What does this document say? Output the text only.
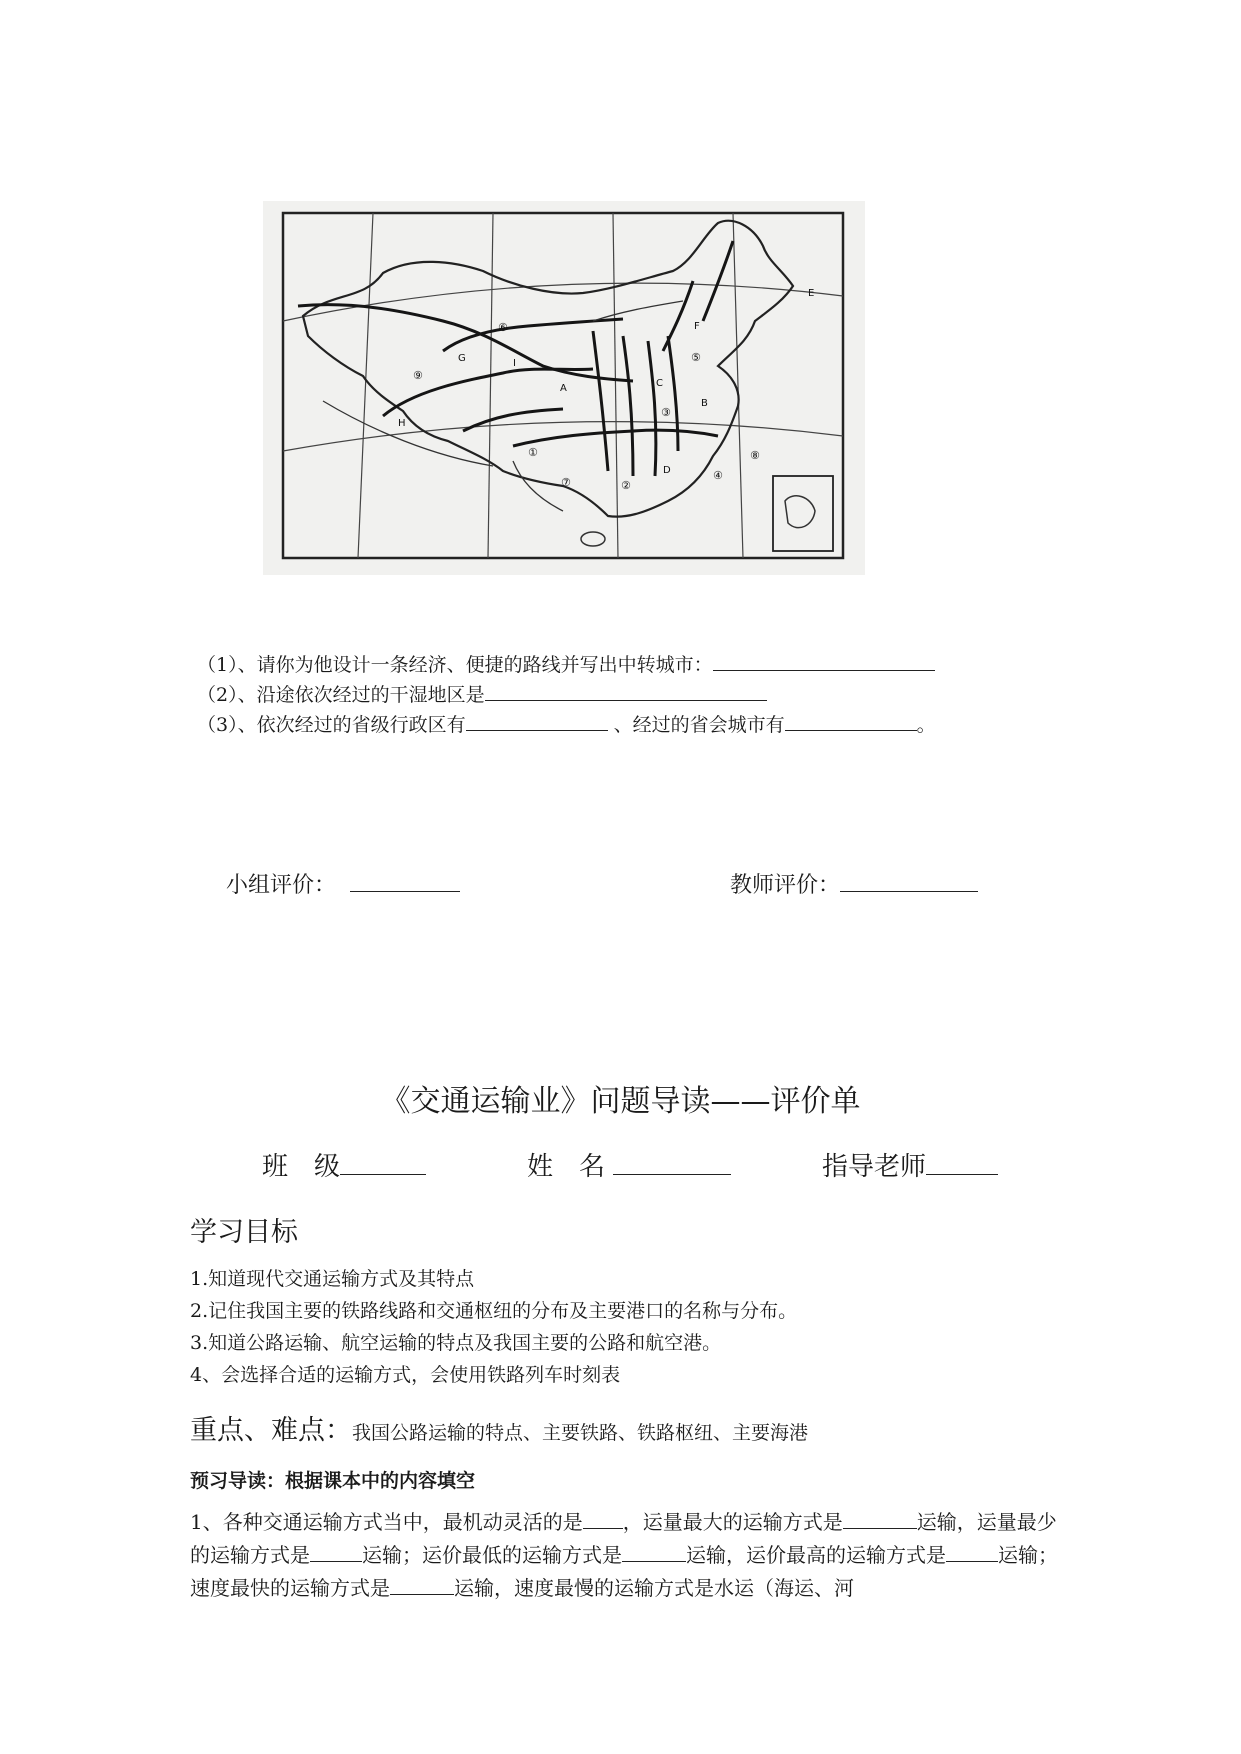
A
B
C
D
E
F
G
H
I
①
②
③
④
⑤
⑥
⑦
⑧
⑨
（1）、请你为他设计一条经济、便捷的路线并写出中转城市：
（2）、沿途依次经过的干湿地区是
（3）、依次经过的省级行政区有	、经过的省会城市有	。
小组评价：	教师评价：
《交通运输业》问题导读——评价单
班　级	姓　名	指导老师
学习目标
1.知道现代交通运输方式及其特点
2.记住我国主要的铁路线路和交通枢纽的分布及主要港口的名称与分布。
3.知道公路运输、航空运输的特点及我国主要的公路和航空港。
4、会选择合适的运输方式，会使用铁路列车时刻表
重点、难点：我国公路运输的特点、主要铁路、铁路枢纽、主要海港
预习导读：根据课本中的内容填空
1、各种交通运输方式当中，最机动灵活的是 ，运量最大的运输方式是	运输，运量最少的运输方式是	运输；运价最低的运输方式是	运输，运价最高的运输方式是	运输；速度最快的运输方式是	运输，速度最慢的运输方式是水运（海运、河
